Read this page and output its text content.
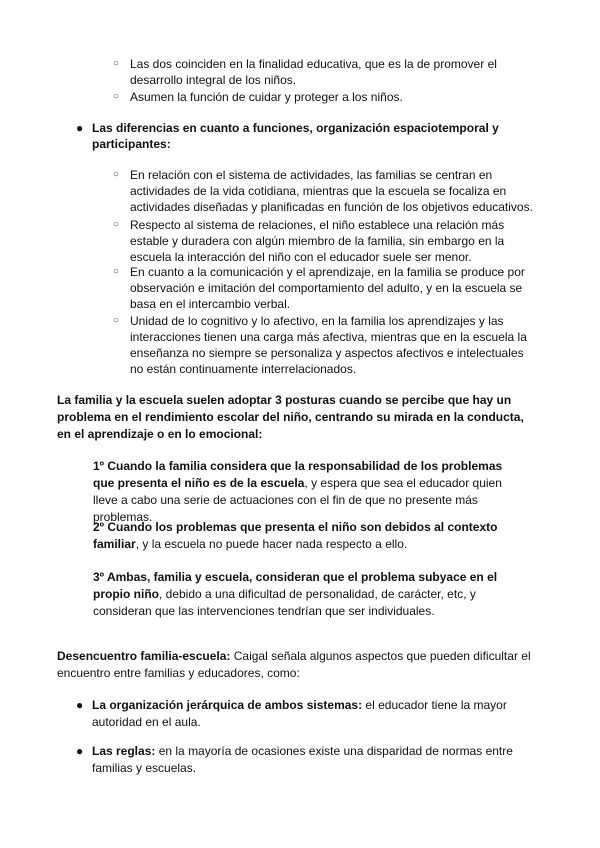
○ Las dos coinciden en la finalidad educativa, que es la de promover el desarrollo integral de los niños.

○ Asumen la función de cuidar y proteger a los niños.

● Las diferencias en cuanto a funciones, organización espaciotemporal y participantes:

○ En relación con el sistema de actividades, las familias se centran en actividades de la vida cotidiana, mientras que la escuela se focaliza en actividades diseñadas y planificadas en función de los objetivos educativos.

○ Respecto al sistema de relaciones, el niño establece una relación más estable y duradera con algún miembro de la familia, sin embargo en la escuela la interacción del niño con el educador suele ser menor.

○ En cuanto a la comunicación y el aprendizaje, en la familia se produce por observación e imitación del comportamiento del adulto, y en la escuela se basa en el intercambio verbal.

○ Unidad de lo cognitivo y lo afectivo, en la familia los aprendizajes y las interacciones tienen una carga más afectiva, mientras que en la escuela la enseñanza no siempre se personaliza y aspectos afectivos e intelectuales no están continuamente interrelacionados.

La familia y la escuela suelen adoptar 3 posturas cuando se percibe que hay un problema en el rendimiento escolar del niño, centrando su mirada en la conducta, en el aprendizaje o en lo emocional:

1º Cuando la familia considera que la responsabilidad de los problemas que presenta el niño es de la escuela, y espera que sea el educador quien lleve a cabo una serie de actuaciones con el fin de que no presente más problemas.

2º Cuando los problemas que presenta el niño son debidos al contexto familiar, y la escuela no puede hacer nada respecto a ello.

3º Ambas, familia y escuela, consideran que el problema subyace en el propio niño, debido a una dificultad de personalidad, de carácter, etc, y consideran que las intervenciones tendrían que ser individuales.

Desencuentro familia-escuela: Caigal señala algunos aspectos que pueden dificultar el encuentro entre familias y educadores, como:

● La organización jerárquica de ambos sistemas: el educador tiene la mayor autoridad en el aula.

● Las reglas: en la mayoría de ocasiones existe una disparidad de normas entre familias y escuelas.
